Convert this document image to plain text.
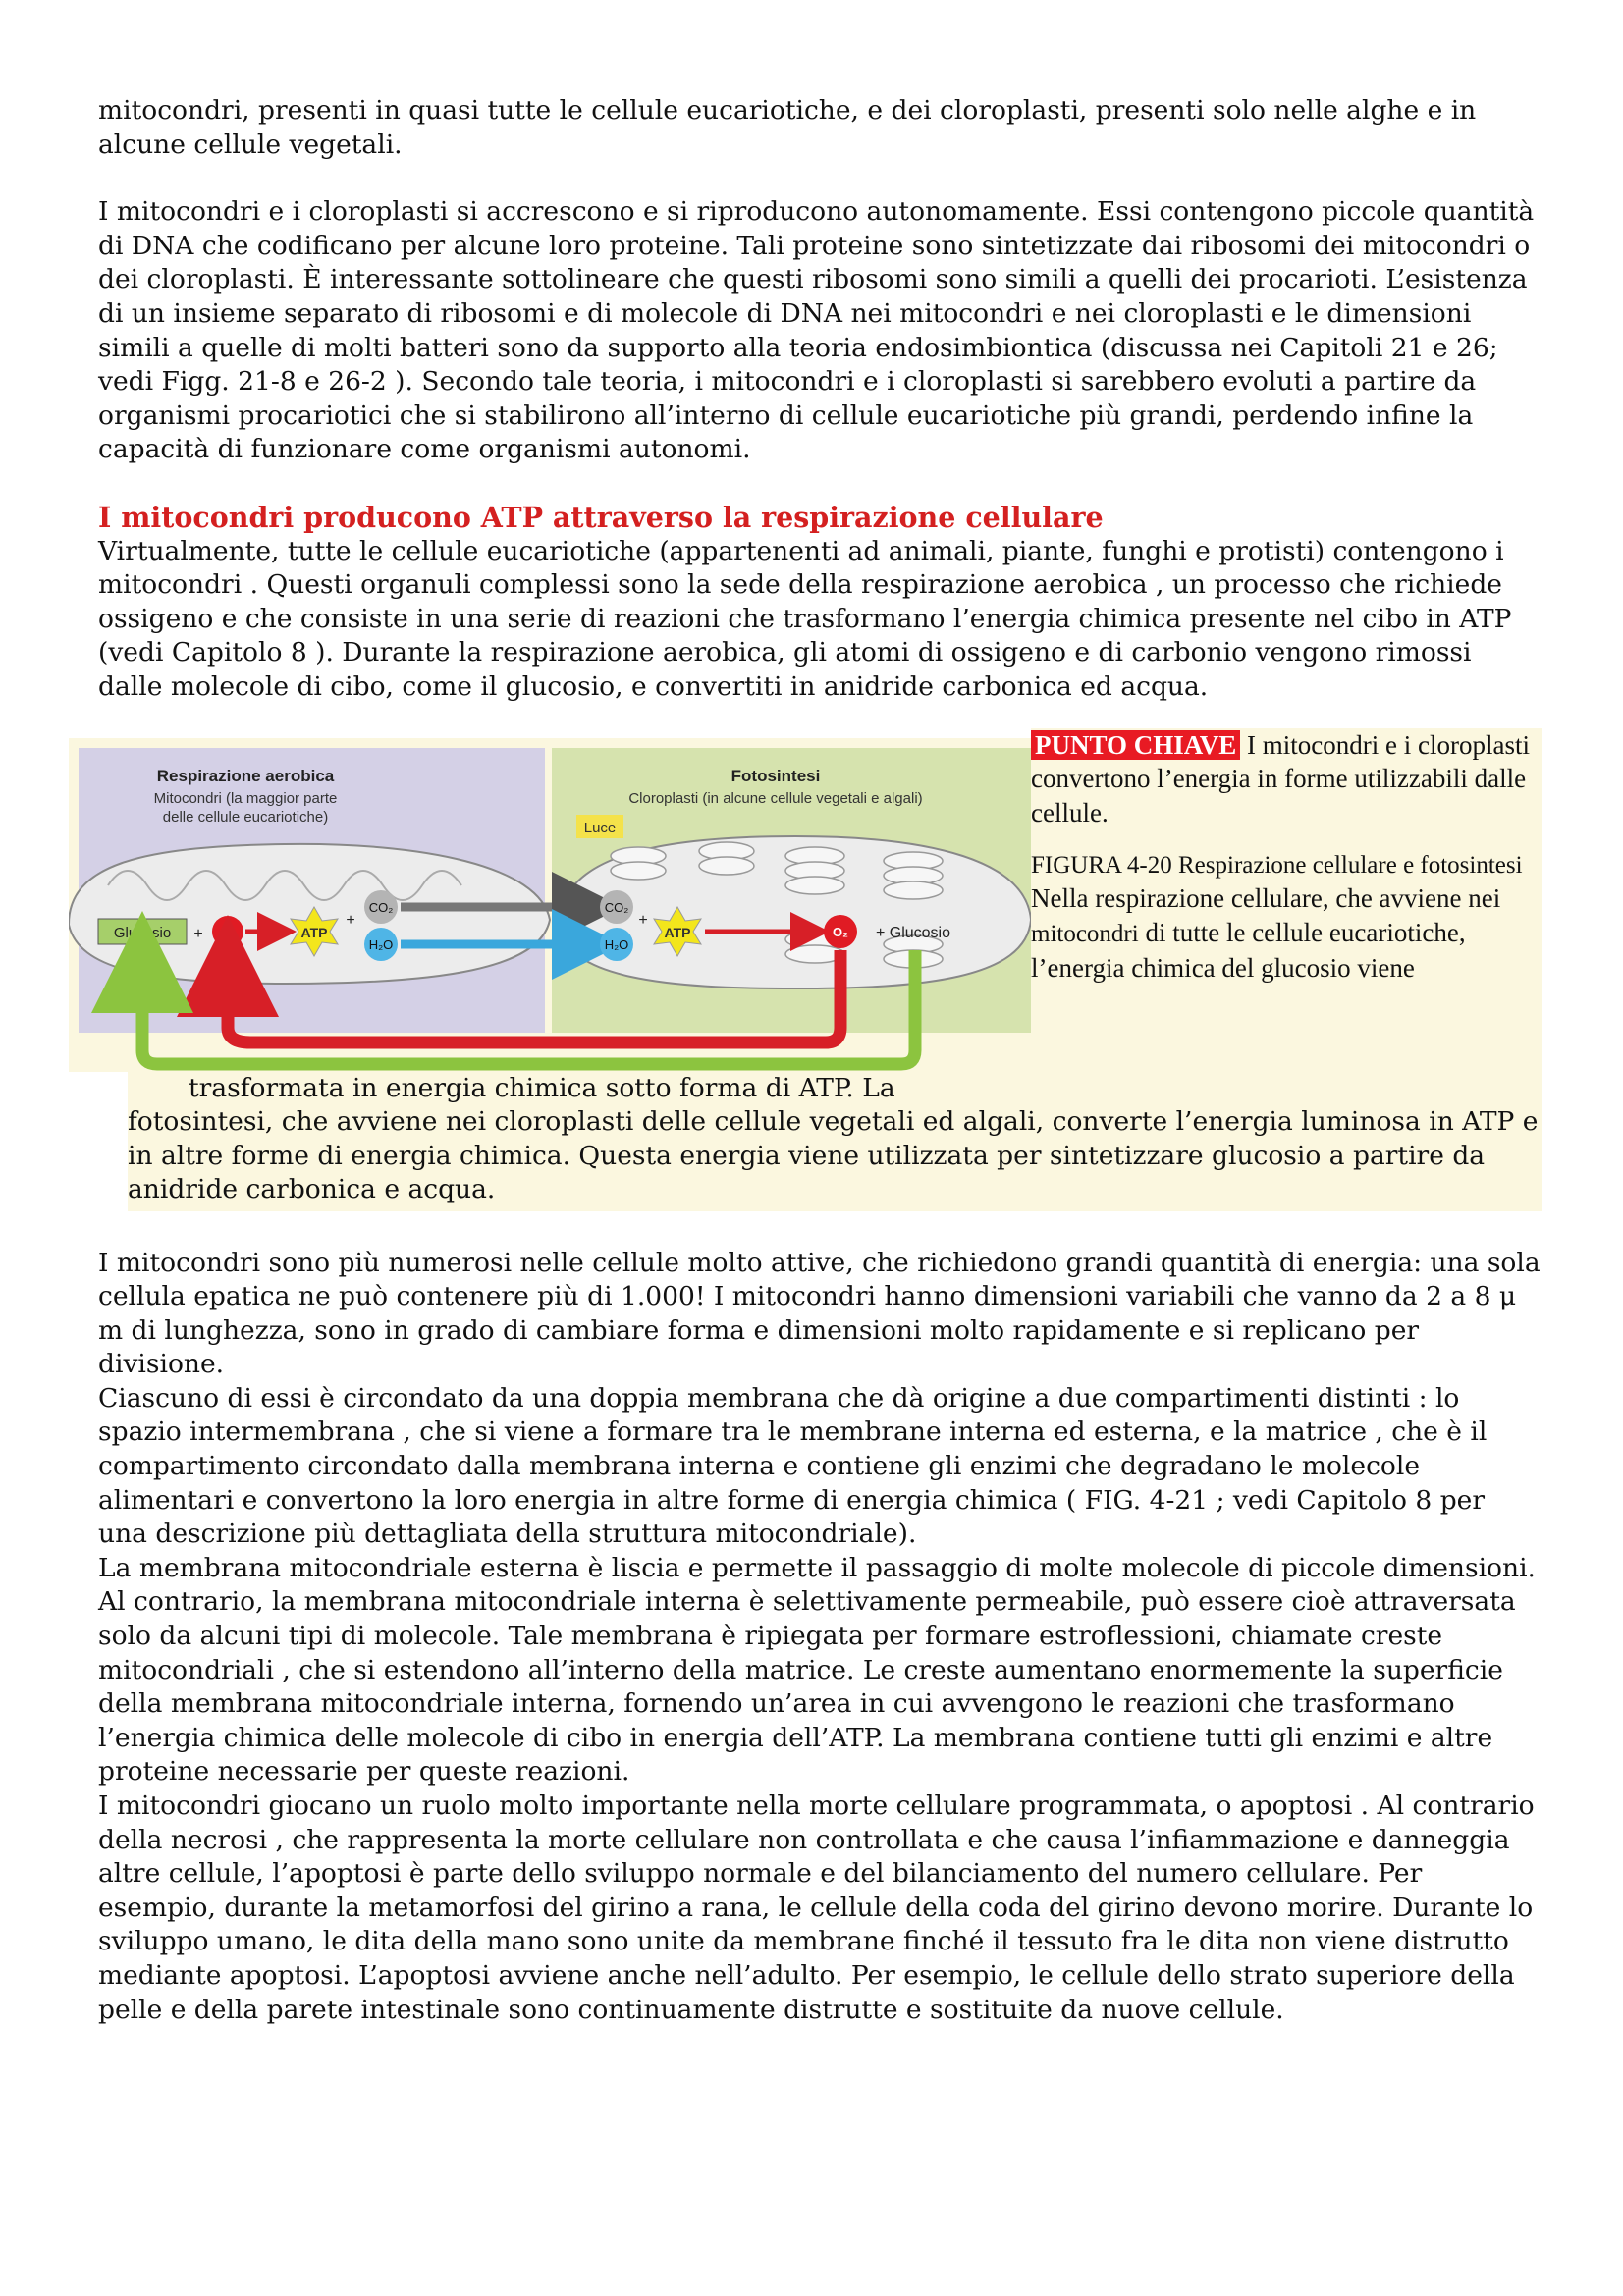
mitocondri, presenti in quasi tutte le cellule eucariotiche, e dei cloroplasti, presenti solo nelle alghe e in alcune cellule vegetali.

I mitocondri e i cloroplasti si accrescono e si riproducono autonomamente. Essi contengono piccole quantità di DNA che codificano per alcune loro proteine. Tali proteine sono sintetizzate dai ribosomi dei mitocondri o dei cloroplasti. È interessante sottolineare che questi ribosomi sono simili a quelli dei procarioti. L’esistenza di un insieme separato di ribosomi e di molecole di DNA nei mitocondri e nei cloroplasti e le dimensioni simili a quelle di molti batteri sono da supporto alla teoria endosimbiontica (discussa nei Capitoli 21 e 26; vedi Figg. 21-8 e 26-2 ). Secondo tale teoria, i mitocondri e i cloroplasti si sarebbero evoluti a partire da organismi procariotici che si stabilirono all’interno di cellule eucariotiche più grandi, perdendo infine la capacità di funzionare come organismi autonomi.

I mitocondri producono ATP attraverso la respirazione cellulare

Virtualmente, tutte le cellule eucariotiche (appartenenti ad animali, piante, funghi e protisti) contengono i mitocondri . Questi organuli complessi sono la sede della respirazione aerobica , un processo che richiede ossigeno e che consiste in una serie di reazioni che trasformano l’energia chimica presente nel cibo in ATP (vedi Capitolo 8 ). Durante la respirazione aerobica, gli atomi di ossigeno e di carbonio vengono rimossi dalle molecole di cibo, come il glucosio, e convertiti in anidride carbonica ed acqua.

Respirazione aerobica
Mitocondri (la maggior parte
delle cellule eucariotiche)
Fotosintesi
Cloroplasti (in alcune cellule vegetali e algali)
Luce
Glucosio + O₂	ATP
+
CO₂
H₂O
CO₂
H₂O
+
ATP	O₂ + Glucosio
PUNTO CHIAVE I mitocondri e i cloroplasti convertono l’energia in forme utilizzabili dalle cellule.
FIGURA 4-20 Respirazione cellulare e fotosintesi
Nella respirazione cellulare, che avviene nei mitocondri di tutte le cellule eucariotiche, l’energia chimica del glucosio viene

trasformata in energia chimica sotto forma di ATP. La

fotosintesi, che avviene nei cloroplasti delle cellule vegetali ed algali, converte l’energia luminosa in ATP e in altre forme di energia chimica. Questa energia viene utilizzata per sintetizzare glucosio a partire da anidride carbonica e acqua.

I mitocondri sono più numerosi nelle cellule molto attive, che richiedono grandi quantità di energia: una sola cellula epatica ne può contenere più di 1.000! I mitocondri hanno dimensioni variabili che vanno da 2 a 8 μ m di lunghezza, sono in grado di cambiare forma e dimensioni molto rapidamente e si replicano per divisione.

Ciascuno di essi è circondato da una doppia membrana che dà origine a due compartimenti distinti : lo spazio intermembrana , che si viene a formare tra le membrane interna ed esterna, e la matrice , che è il compartimento circondato dalla membrana interna e contiene gli enzimi che degradano le molecole alimentari e convertono la loro energia in altre forme di energia chimica ( FIG. 4-21 ; vedi Capitolo 8 per una descrizione più dettagliata della struttura mitocondriale).

La membrana mitocondriale esterna è liscia e permette il passaggio di molte molecole di piccole dimensioni. Al contrario, la membrana mitocondriale interna è selettivamente permeabile, può essere cioè attraversata solo da alcuni tipi di molecole. Tale membrana è ripiegata per formare estroflessioni, chiamate creste mitocondriali , che si estendono all’interno della matrice. Le creste aumentano enormemente la superficie della membrana mitocondriale interna, fornendo un’area in cui avvengono le reazioni che trasformano l’energia chimica delle molecole di cibo in energia dell’ATP. La membrana contiene tutti gli enzimi e altre proteine necessarie per queste reazioni.

I mitocondri giocano un ruolo molto importante nella morte cellulare programmata, o apoptosi . Al contrario della necrosi , che rappresenta la morte cellulare non controllata e che causa l’infiammazione e danneggia altre cellule, l’apoptosi è parte dello sviluppo normale e del bilanciamento del numero cellulare. Per esempio, durante la metamorfosi del girino a rana, le cellule della coda del girino devono morire. Durante lo sviluppo umano, le dita della mano sono unite da membrane finché il tessuto fra le dita non viene distrutto mediante apoptosi. L’apoptosi avviene anche nell’adulto. Per esempio, le cellule dello strato superiore della pelle e della parete intestinale sono continuamente distrutte e sostituite da nuove cellule.
